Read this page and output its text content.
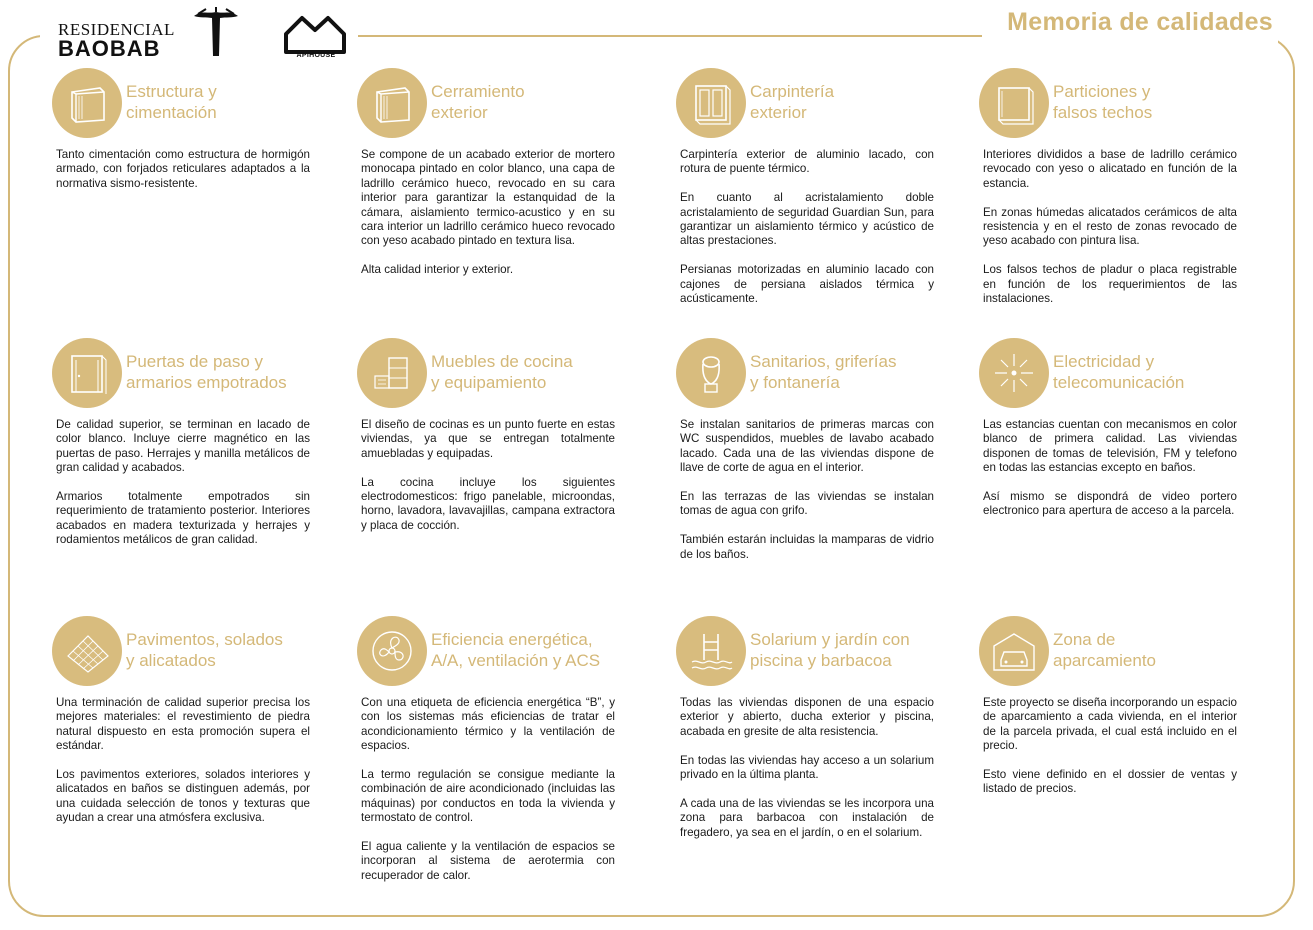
RESIDENCIAL
BAOBAB	APIHOUSE
Memoria de calidades
Estructura y
cimentación

Tanto cimentación como estructura de hormigón armado, con forjados reticulares adaptados a la normativa sismo-resistente.

Cerramiento
exterior

Se compone de un acabado exterior de mortero monocapa pintado en color blanco, una capa de ladrillo cerámico hueco, revocado en su cara interior para garantizar la estanquidad de la cámara, aislamiento termico-acustico y en su cara interior un ladrillo cerámico hueco revocado con yeso acabado pintado en textura lisa.

Alta calidad interior y exterior.

Carpintería
exterior

Carpintería exterior de aluminio lacado, con rotura de puente térmico.

En cuanto al acristalamiento doble acristalamiento de seguridad Guardian Sun, para garantizar un aislamiento térmico y acústico de altas prestaciones.

Persianas motorizadas en aluminio lacado con cajones de persiana aislados térmica y acústicamente.

Particiones y
falsos techos

Interiores divididos a base de ladrillo cerámico revocado con yeso o alicatado en función de la estancia.

En zonas húmedas alicatados cerámicos de alta resistencia y en el resto de zonas revocado de yeso acabado con pintura lisa.

Los falsos techos de pladur o placa registrable en función de los requerimientos de las instalaciones.

Puertas de paso y
armarios empotrados

De calidad superior, se terminan en lacado de color blanco. Incluye cierre magnético en las puertas de paso. Herrajes y manilla metálicos de gran calidad y acabados.

Armarios totalmente empotrados sin requerimiento de tratamiento posterior. Interiores acabados en madera texturizada y herrajes y rodamientos metálicos de gran calidad.

Muebles de cocina
y equipamiento

El diseño de cocinas es un punto fuerte en estas viviendas, ya que se entregan totalmente amuebladas y equipadas.

La cocina incluye los siguientes electrodomesticos: frigo panelable, microondas, horno, lavadora, lavavajillas, campana extractora y placa de cocción.

Sanitarios, griferías
y fontanería

Se instalan sanitarios de primeras marcas con WC suspendidos, muebles de lavabo acabado lacado. Cada una de las viviendas dispone de llave de corte de agua en el interior.

En las terrazas de las viviendas se instalan tomas de agua con grifo.

También estarán incluidas la mamparas de vidrio de los baños.

Electricidad y
telecomunicación

Las estancias cuentan con mecanismos en color blanco de primera calidad. Las viviendas disponen de tomas de televisión, FM y telefono en todas las estancias excepto en baños.

Así mismo se dispondrá de video portero electronico para apertura de acceso a la parcela.

Pavimentos, solados
y alicatados

Una terminación de calidad superior precisa los mejores materiales: el revestimiento de piedra natural dispuesto en esta promoción supera el estándar.

Los pavimentos exteriores, solados interiores y alicatados en baños se distinguen además, por una cuidada selección de tonos y texturas que ayudan a crear una atmósfera exclusiva.

Eficiencia energética,
A/A, ventilación y ACS

Con una etiqueta de eficiencia energética “B”, y con los sistemas más eficiencias de tratar el acondicionamiento térmico y la ventilación de espacios.

La termo regulación se consigue mediante la combinación de aire acondicionado (incluidas las máquinas) por conductos en toda la vivienda y termostato de control.

El agua caliente y la ventilación de espacios se incorporan al sistema de aerotermia con recuperador de calor.

Solarium y jardín con
piscina y barbacoa

Todas las viviendas disponen de una espacio exterior y abierto, ducha exterior y piscina, acabada en gresite de alta resistencia.

En todas las viviendas hay acceso a un solarium privado en la última planta.

A cada una de las viviendas se les incorpora una zona para barbacoa con instalación de fregadero, ya sea en el jardín, o en el solarium.

Zona de
aparcamiento

Este proyecto se diseña incorporando un espacio de aparcamiento a cada vivienda, en el interior de la parcela privada, el cual está incluido en el precio.

Esto viene definido en el dossier de ventas y listado de precios.
